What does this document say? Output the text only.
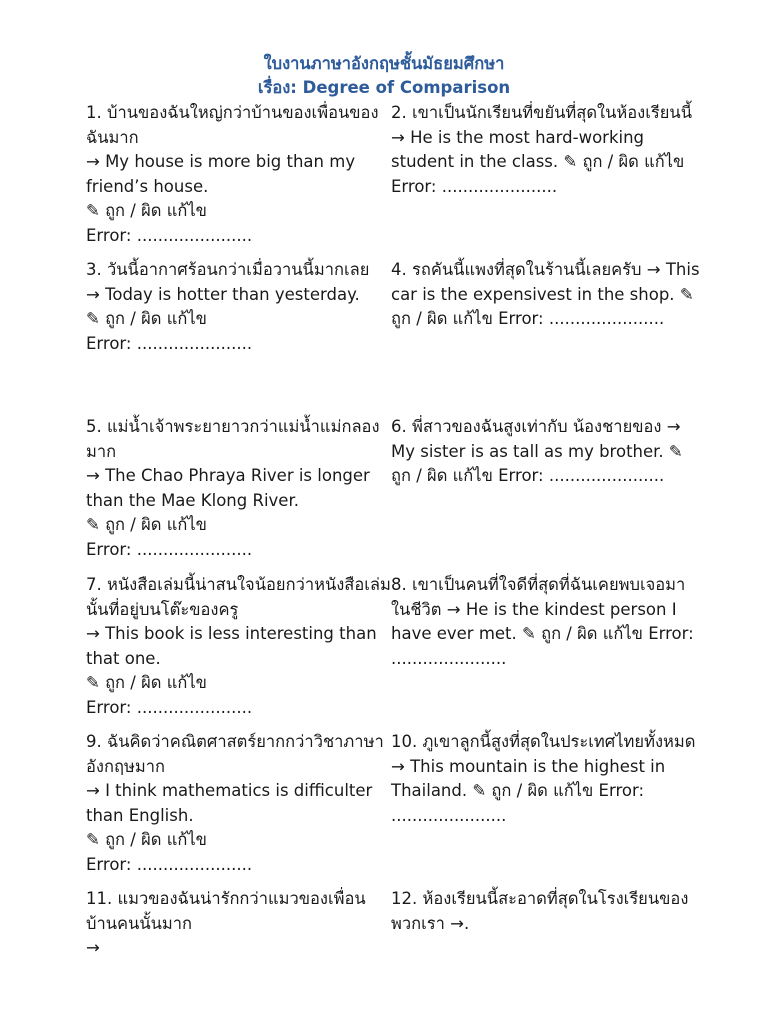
ใบงานภาษาอังกฤษชั้นมัธยมศึกษา
เรื่อง: Degree of Comparison
1. บ้านของฉันใหญ่กว่าบ้านของเพื่อนของฉันมาก
→ My house is more big than my friend’s house.
✎ ถูก / ผิด แก้ไข
Error: ......................
2. เขาเป็นนักเรียนที่ขยันที่สุดในห้องเรียนนี้ → He is the most hard-working student in the class. ✎ ถูก / ผิด แก้ไข Error: ......................
3. วันนี้อากาศร้อนกว่าเมื่อวานนี้มากเลย
→ Today is hotter than yesterday.
✎ ถูก / ผิด แก้ไข
Error: ......................
4. รถคันนี้แพงที่สุดในร้านนี้เลยครับ → This car is the expensivest in the shop. ✎ ถูก / ผิด แก้ไข Error: ......................
5. แม่น้ำเจ้าพระยายาวกว่าแม่น้ำแม่กลองมาก
→ The Chao Phraya River is longer than the Mae Klong River.
✎ ถูก / ผิด แก้ไข
Error: ......................
6. พี่สาวของฉันสูงเท่ากับ น้องชายของ → My sister is as tall as my brother. ✎ ถูก / ผิด แก้ไข Error: ......................
7. หนังสือเล่มนี้น่าสนใจน้อยกว่าหนังสือเล่มนั้นที่อยู่บนโต๊ะของครู
→ This book is less interesting than that one.
✎ ถูก / ผิด แก้ไข
Error: ......................
8. เขาเป็นคนที่ใจดีที่สุดที่ฉันเคยพบเจอมาในชีวิต → He is the kindest person I have ever met. ✎ ถูก / ผิด แก้ไข Error: ......................
9. ฉันคิดว่าคณิตศาสตร์ยากกว่าวิชาภาษาอังกฤษมาก
→ I think mathematics is difficulter than English.
✎ ถูก / ผิด แก้ไข
Error: ......................
10. ภูเขาลูกนี้สูงที่สุดในประเทศไทยทั้งหมด → This mountain is the highest in Thailand. ✎ ถูก / ผิด แก้ไข Error: ......................
11. แมวของฉันน่ารักกว่าแมวของเพื่อนบ้านคนนั้นมาก
→
12. ห้องเรียนนี้สะอาดที่สุดในโรงเรียนของพวกเรา →.
